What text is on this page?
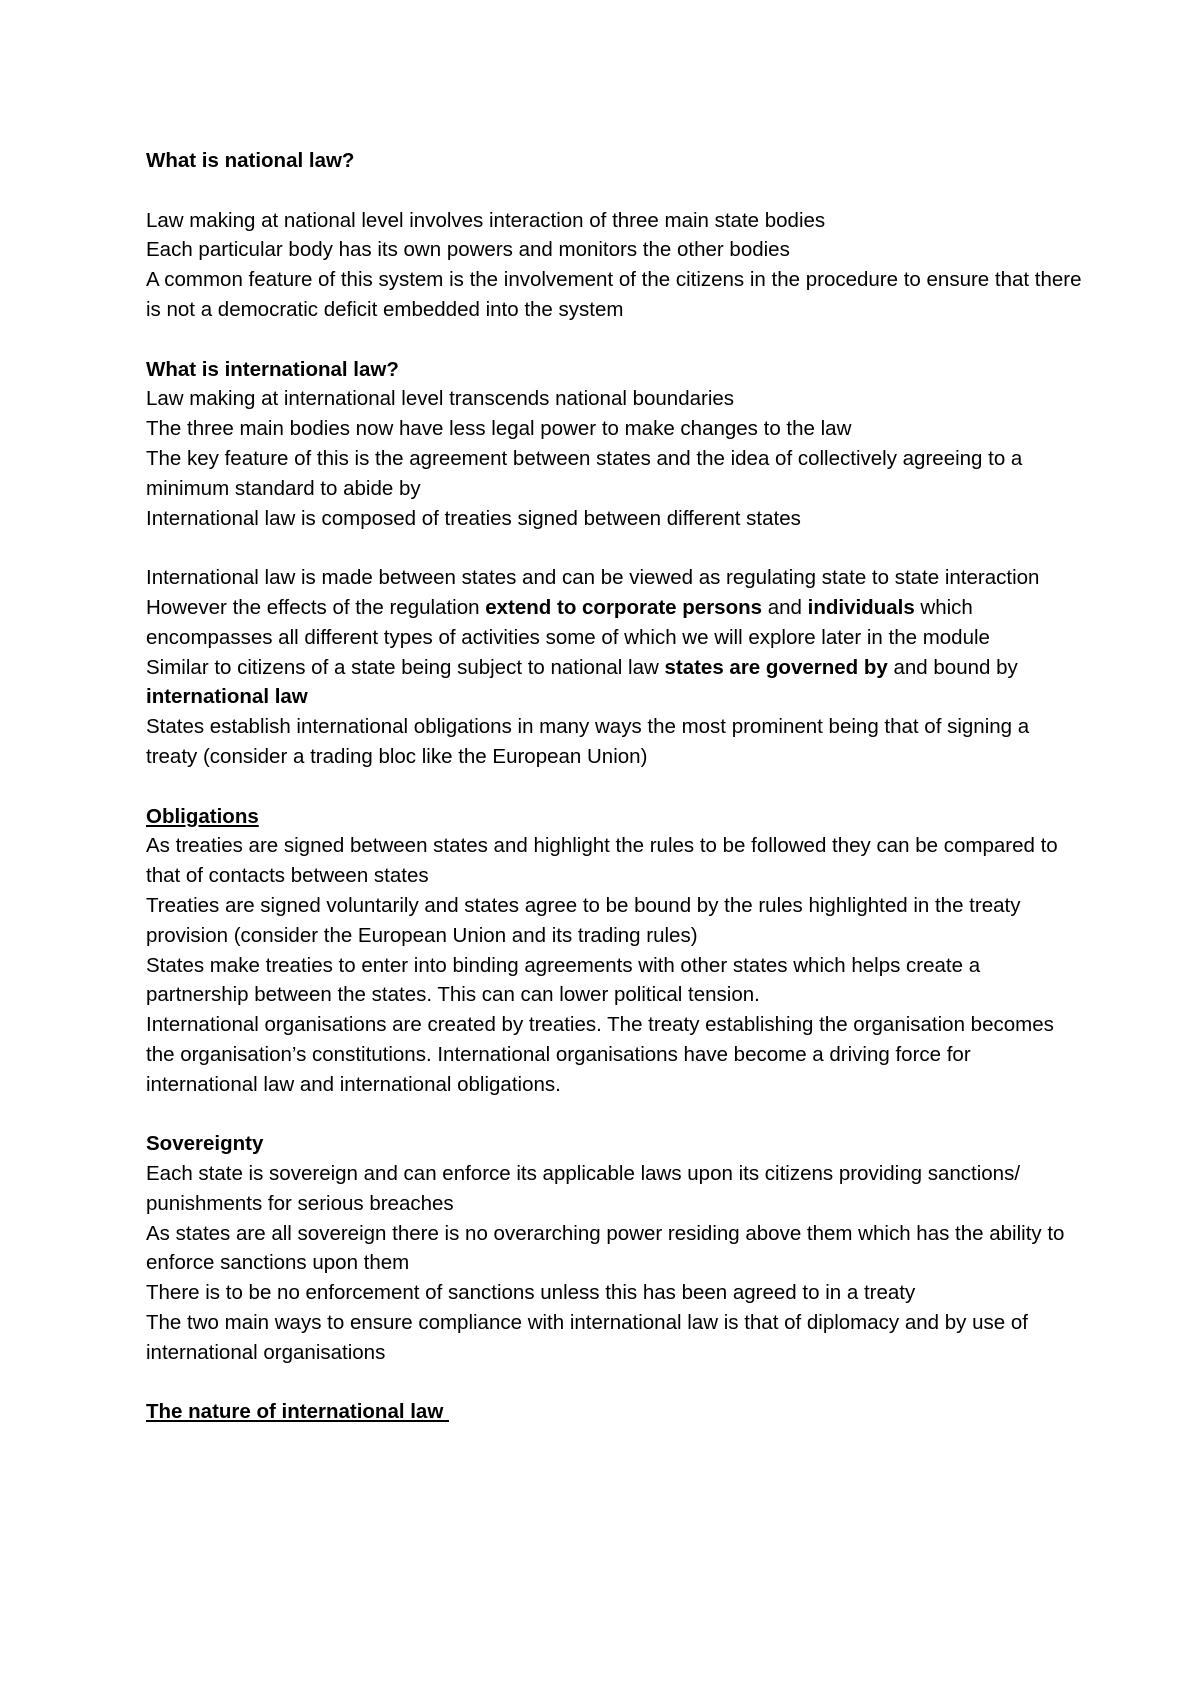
What is national law?

Law making at national level involves interaction of three main state bodies

Each particular body has its own powers and monitors the other bodies

A common feature of this system is the involvement of the citizens in the procedure to ensure that there is not a democratic deficit embedded into the system

What is international law?

Law making at international level transcends national boundaries

The three main bodies now have less legal power to make changes to the law

The key feature of this is the agreement between states and the idea of collectively agreeing to a minimum standard to abide by

International law is composed of treaties signed between different states

International law is made between states and can be viewed as regulating state to state interaction

However the effects of the regulation extend to corporate persons and individuals which encompasses all different types of activities some of which we will explore later in the module

Similar to citizens of a state being subject to national law states are governed by and bound by international law

States establish international obligations in many ways the most prominent being that of signing a treaty (consider a trading bloc like the European Union)

Obligations

As treaties are signed between states and highlight the rules to be followed they can be compared to that of contacts between states

Treaties are signed voluntarily and states agree to be bound by the rules highlighted in the treaty provision (consider the European Union and its trading rules)

States make treaties to enter into binding agreements with other states which helps create a partnership between the states. This can can lower political tension.

International organisations are created by treaties. The treaty establishing the organisation becomes the organisation’s constitutions. International organisations have become a driving force for international law and international obligations.

Sovereignty

Each state is sovereign and can enforce its applicable laws upon its citizens providing sanctions/ punishments for serious breaches

As states are all sovereign there is no overarching power residing above them which has the ability to enforce sanctions upon them

There is to be no enforcement of sanctions unless this has been agreed to in a treaty

The two main ways to ensure compliance with international law is that of diplomacy and by use of international organisations

The nature of international law
